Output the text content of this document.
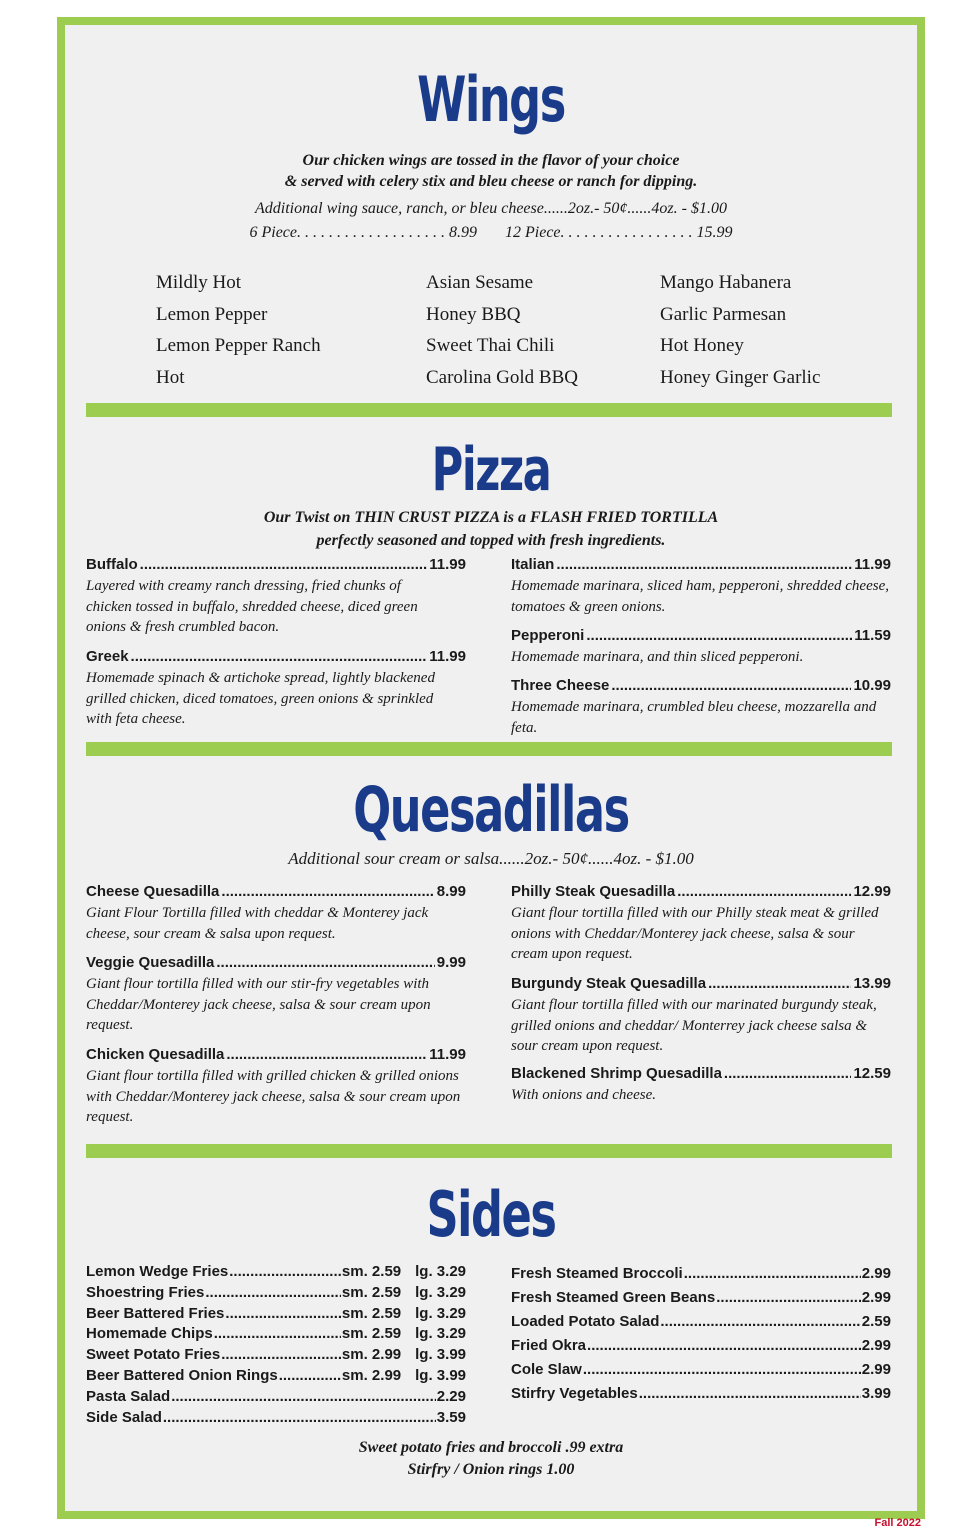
Wings
Our chicken wings are tossed in the flavor of your choice
& served with celery stix and bleu cheese or ranch for dipping.
Additional wing sauce, ranch, or bleu cheese......2oz.- 50¢......4oz. - $1.00
6 Piece. . . . . . . . . . . . . . . . . . . 8.99       12 Piece. . . . . . . . . . . . . . . . . 15.99
Mildly Hot
Lemon Pepper
Lemon Pepper Ranch
Hot
Asian Sesame
Honey BBQ
Sweet Thai Chili
Carolina Gold BBQ
Mango Habanera
Garlic Parmesan
Hot Honey
Honey Ginger Garlic
Pizza
Our Twist on THIN CRUST PIZZA is a FLASH FRIED TORTILLA
perfectly seasoned and topped with fresh ingredients.
Buffalo .....	11.99
Layered with creamy ranch dressing, fried chunks of chicken tossed in buffalo, shredded cheese, diced green onions & fresh crumbled bacon.
Greek .....	11.99
Homemade spinach & artichoke spread, lightly blackened grilled chicken, diced tomatoes, green onions & sprinkled with feta cheese.
Italian .....	11.99
Homemade marinara, sliced ham, pepperoni, shredded cheese, tomatoes & green onions.
Pepperoni .....	11.59
Homemade marinara, and thin sliced pepperoni.
Three Cheese .....	10.99
Homemade marinara, crumbled bleu cheese, mozzarella and feta.
Quesadillas
Additional sour cream or salsa......2oz.- 50¢......4oz. - $1.00
Cheese Quesadilla .....	8.99
Giant Flour Tortilla filled with cheddar & Monterey jack cheese, sour cream & salsa upon request.
Veggie Quesadilla .....	9.99
Giant flour tortilla filled with our stir-fry vegetables with Cheddar/Monterey jack cheese, salsa & sour cream upon request.
Chicken Quesadilla .....	11.99
Giant flour tortilla filled with grilled chicken & grilled onions with Cheddar/Monterey jack cheese, salsa & sour cream upon request.
Philly Steak Quesadilla .....	12.99
Giant flour tortilla filled with our Philly steak meat & grilled onions with Cheddar/Monterey jack cheese, salsa & sour cream upon request.
Burgundy Steak Quesadilla .....	13.99
Giant flour tortilla filled with our marinated burgundy steak, grilled onions and cheddar/ Monterrey jack cheese salsa & sour cream upon request.
Blackened Shrimp Quesadilla .....	12.59
With onions and cheese.
Sides
Lemon Wedge Fries .....	sm. 2.59 lg. 3.29
Shoestring Fries .....	sm. 2.59 lg. 3.29
Beer Battered Fries .....	sm. 2.59 lg. 3.29
Homemade Chips .....	sm. 2.59 lg. 3.29
Sweet Potato Fries .....	sm. 2.99 lg. 3.99
Beer Battered Onion Rings .....	sm. 2.99 lg. 3.99
Pasta Salad .....	2.29
Side Salad .....	3.59
Fresh Steamed Broccoli .....	2.99
Fresh Steamed Green Beans .....	2.99
Loaded Potato Salad .....	2.59
Fried Okra .....	2.99
Cole Slaw .....	2.99
Stirfry Vegetables .....	3.99
Sweet potato fries and broccoli .99 extra
Stirfry / Onion rings 1.00
Fall 2022
